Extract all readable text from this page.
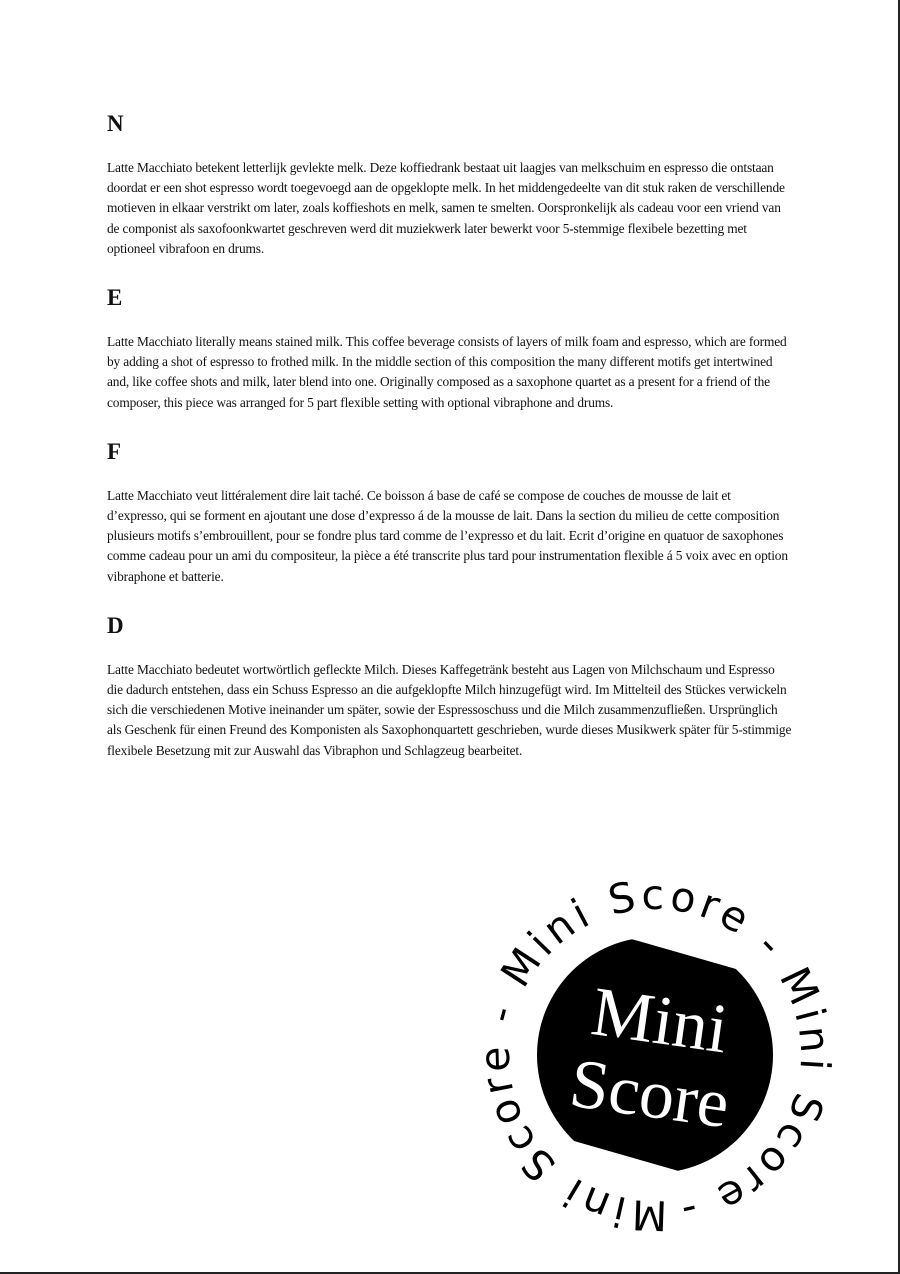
N

Latte Macchiato betekent letterlijk gevlekte melk. Deze koffiedrank bestaat uit laagjes van melkschuim en espresso die ontstaan doordat er een shot espresso wordt toegevoegd aan de opgeklopte melk. In het middengedeelte van dit stuk raken de verschillende motieven in elkaar verstrikt om later, zoals koffieshots en melk, samen te smelten. Oorspronkelijk als cadeau voor een vriend van de componist als saxofoonkwartet geschreven werd dit muziekwerk later bewerkt voor 5-stemmige flexibele bezetting met optioneel vibrafoon en drums.

E

Latte Macchiato literally means stained milk. This coffee beverage consists of layers of milk foam and espresso, which are formed by adding a shot of espresso to frothed milk. In the middle section of this composition the many different motifs get intertwined and, like coffee shots and milk, later blend into one. Originally composed as a saxophone quartet as a present for a friend of the composer, this piece was arranged for 5 part flexible setting with optional vibraphone and drums.

F

Latte Macchiato veut littéralement dire lait taché. Ce boisson á base de café se compose de couches de mousse de lait et d’expresso, qui se forment en ajoutant une dose d’expresso á de la mousse de lait. Dans la section du milieu de cette composition plusieurs motifs s’embrouillent, pour se fondre plus tard comme de l’expresso et du lait. Ecrit d’origine en quatuor de saxophones comme cadeau pour un ami du compositeur, la pièce a été transcrite plus tard pour instrumentation flexible á 5 voix avec en option vibraphone et batterie.

D

Latte Macchiato bedeutet wortwörtlich gefleckte Milch. Dieses Kaffegetränk besteht aus Lagen von Milchschaum und Espresso die dadurch entstehen, dass ein Schuss Espresso an die aufgeklopfte Milch hinzugefügt wird. Im Mittelteil des Stückes verwickeln sich die verschiedenen Motive ineinander um später, sowie der Espressoschuss und die Milch zusammenzufließen. Ursprünglich als Geschenk für einen Freund des Komponisten als Saxophonquartett geschrieben, wurde dieses Musikwerk später für 5-stimmige flexibele Besetzung mit zur Auswahl das Vibraphon und Schlagzeug bearbeitet.

Mini
Score
Mini Score - Mini Score - Mini Score -
